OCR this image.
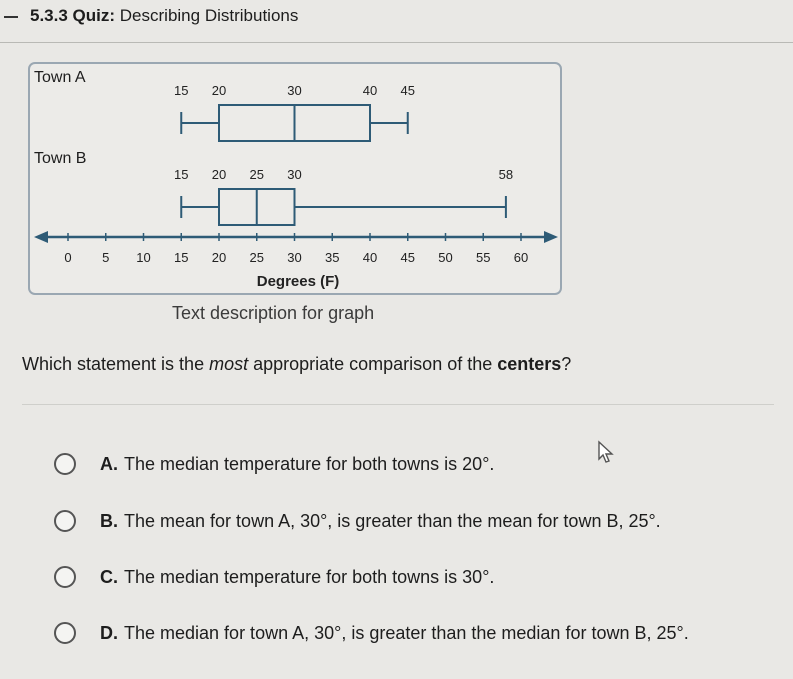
5.3.3 Quiz: Describing Distributions
Town A
Town B
15 20	30	40 45
15 20 25 30	58
0 5 10 15 20 25 30 35 40 45 50 55 60
Degrees (F)
Text description for graph
Which statement is the most appropriate comparison of the centers?
A. The median temperature for both towns is 20°.
B. The mean for town A, 30°, is greater than the mean for town B, 25°.
C. The median temperature for both towns is 30°.
D. The median for town A, 30°, is greater than the median for town B, 25°.
